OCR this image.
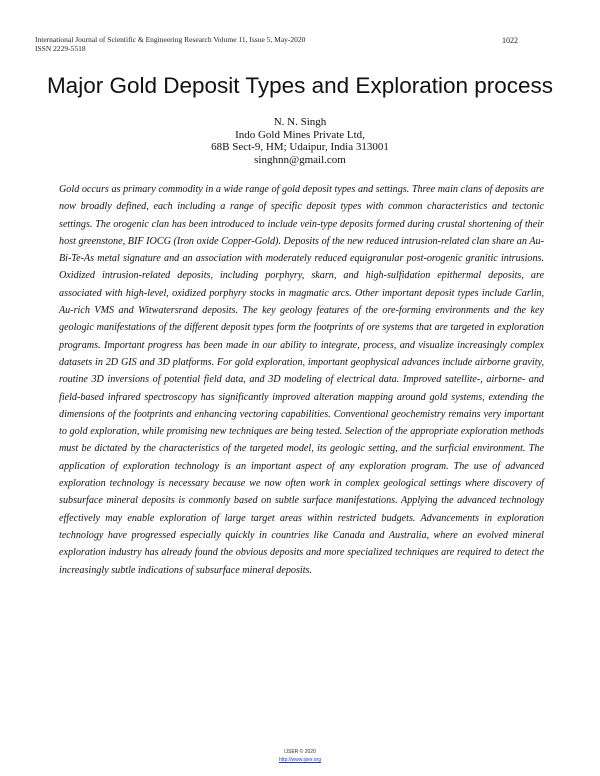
International Journal of Scientific & Engineering Research Volume 11, Issue 5, May-2020
ISSN 2229-5518
1022
Major Gold Deposit Types and Exploration process
N. N. Singh
Indo Gold Mines Private Ltd,
68B Sect-9, HM; Udaipur, India 313001
singhnn@gmail.com

Gold occurs as primary commodity in a wide range of gold deposit types and settings. Three main clans of deposits are now broadly defined, each including a range of specific deposit types with common characteristics and tectonic settings. The orogenic clan has been introduced to include vein-type deposits formed during crustal shortening of their host greenstone, BIF IOCG (Iron oxide Copper-Gold). Deposits of the new reduced intrusion-related clan share an Au-Bi-Te-As metal signature and an association with moderately reduced equigranular post-orogenic granitic intrusions. Oxidized intrusion-related deposits, including porphyry, skarn, and high-sulfidation epithermal deposits, are associated with high-level, oxidized porphyry stocks in magmatic arcs. Other important deposit types include Carlin, Au-rich VMS and Witwatersrand deposits. The key geology features of the ore-forming environments and the key geologic manifestations of the different deposit types form the footprints of ore systems that are targeted in exploration programs. Important progress has been made in our ability to integrate, process, and visualize increasingly complex datasets in 2D GIS and 3D platforms. For gold exploration, important geophysical advances include airborne gravity, routine 3D inversions of potential field data, and 3D modeling of electrical data. Improved satellite-, airborne- and field-based infrared spectroscopy has significantly improved alteration mapping around gold systems, extending the dimensions of the footprints and enhancing vectoring capabilities. Conventional geochemistry remains very important to gold exploration, while promising new techniques are being tested. Selection of the appropriate exploration methods must be dictated by the characteristics of the targeted model, its geologic setting, and the surficial environment. The application of exploration technology is an important aspect of any exploration program. The use of advanced exploration technology is necessary because we now often work in complex geological settings where discovery of subsurface mineral deposits is commonly based on subtle surface manifestations. Applying the advanced technology effectively may enable exploration of large target areas within restricted budgets. Advancements in exploration technology have progressed especially quickly in countries like Canada and Australia, where an evolved mineral exploration industry has already found the obvious deposits and more specialized techniques are required to detect the increasingly subtle indications of subsurface mineral deposits.

IJSER © 2020
http://www.ijser.org
